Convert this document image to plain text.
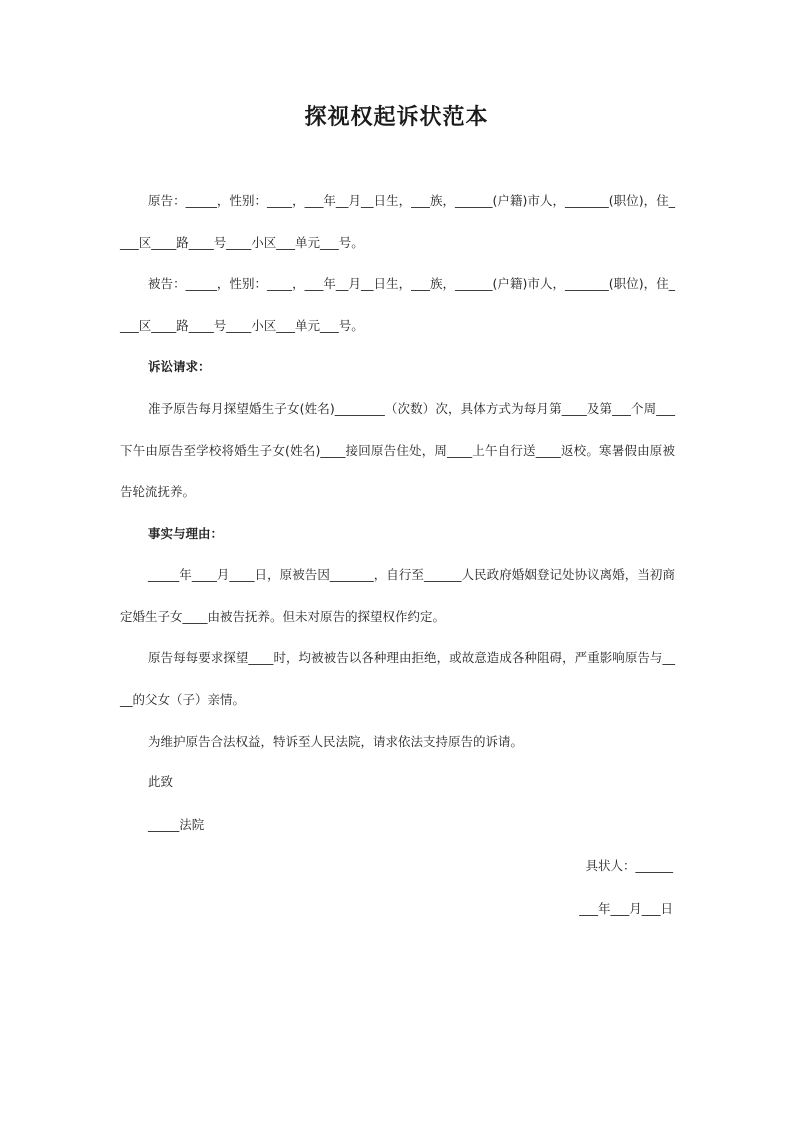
探视权起诉状范本

原告：_____，性别：____，___年__月__日生，___族，______(户籍)市人，_______(职位)，住____区____路____号____小区___单元___号。

被告：_____，性别：____，___年__月__日生，___族，______(户籍)市人，_______(职位)，住____区____路____号____小区___单元___号。

诉讼请求：

准予原告每月探望婚生子女(姓名)________（次数）次，具体方式为每月第____及第___个周___下午由原告至学校将婚生子女(姓名)____接回原告住处，周____上午自行送____返校。寒暑假由原被告轮流抚养。

事实与理由：

_____年____月____日，原被告因_______，自行至______人民政府婚姻登记处协议离婚，当初商定婚生子女____由被告抚养。但未对原告的探望权作约定。

原告每每要求探望____时，均被被告以各种理由拒绝，或故意造成各种阻碍，严重影响原告与____的父女（子）亲情。

为维护原告合法权益，特诉至人民法院，请求依法支持原告的诉请。

此致

_____法院

具状人：______

___年___月___日
